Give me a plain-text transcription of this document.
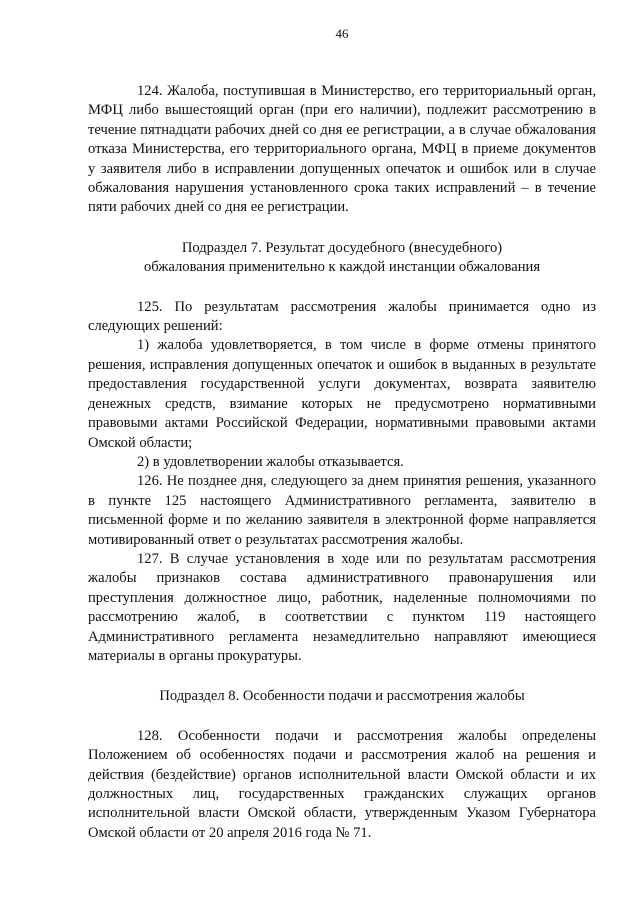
46

124. Жалоба, поступившая в Министерство, его территориальный орган, МФЦ либо вышестоящий орган (при его наличии), подлежит рассмотрению в течение пятнадцати рабочих дней со дня ее регистрации, а в случае обжалования отказа Министерства, его территориального органа, МФЦ в приеме документов у заявителя либо в исправлении допущенных опечаток и ошибок или в случае обжалования нарушения установленного срока таких исправлений – в течение пяти рабочих дней со дня ее регистрации.

Подраздел 7. Результат досудебного (внесудебного)

обжалования применительно к каждой инстанции обжалования

125. По результатам рассмотрения жалобы принимается одно из следующих решений:

1) жалоба удовлетворяется, в том числе в форме отмены принятого решения, исправления допущенных опечаток и ошибок в выданных в результате предоставления государственной услуги документах, возврата заявителю денежных средств, взимание которых не предусмотрено нормативными правовыми актами Российской Федерации, нормативными правовыми актами Омской области;

2) в удовлетворении жалобы отказывается.

126. Не позднее дня, следующего за днем принятия решения, указанного в пункте 125 настоящего Административного регламента, заявителю в письменной форме и по желанию заявителя в электронной форме направляется мотивированный ответ о результатах рассмотрения жалобы.

127. В случае установления в ходе или по результатам рассмотрения жалобы признаков состава административного правонарушения или преступления должностное лицо, работник, наделенные полномочиями по рассмотрению жалоб, в соответствии с пунктом 119 настоящего Административного регламента незамедлительно направляют имеющиеся материалы в органы прокуратуры.

Подраздел 8. Особенности подачи и рассмотрения жалобы

128. Особенности подачи и рассмотрения жалобы определены Положением об особенностях подачи и рассмотрения жалоб на решения и действия (бездействие) органов исполнительной власти Омской области и их должностных лиц, государственных гражданских служащих органов исполнительной власти Омской области, утвержденным Указом Губернатора Омской области от 20 апреля 2016 года № 71.
